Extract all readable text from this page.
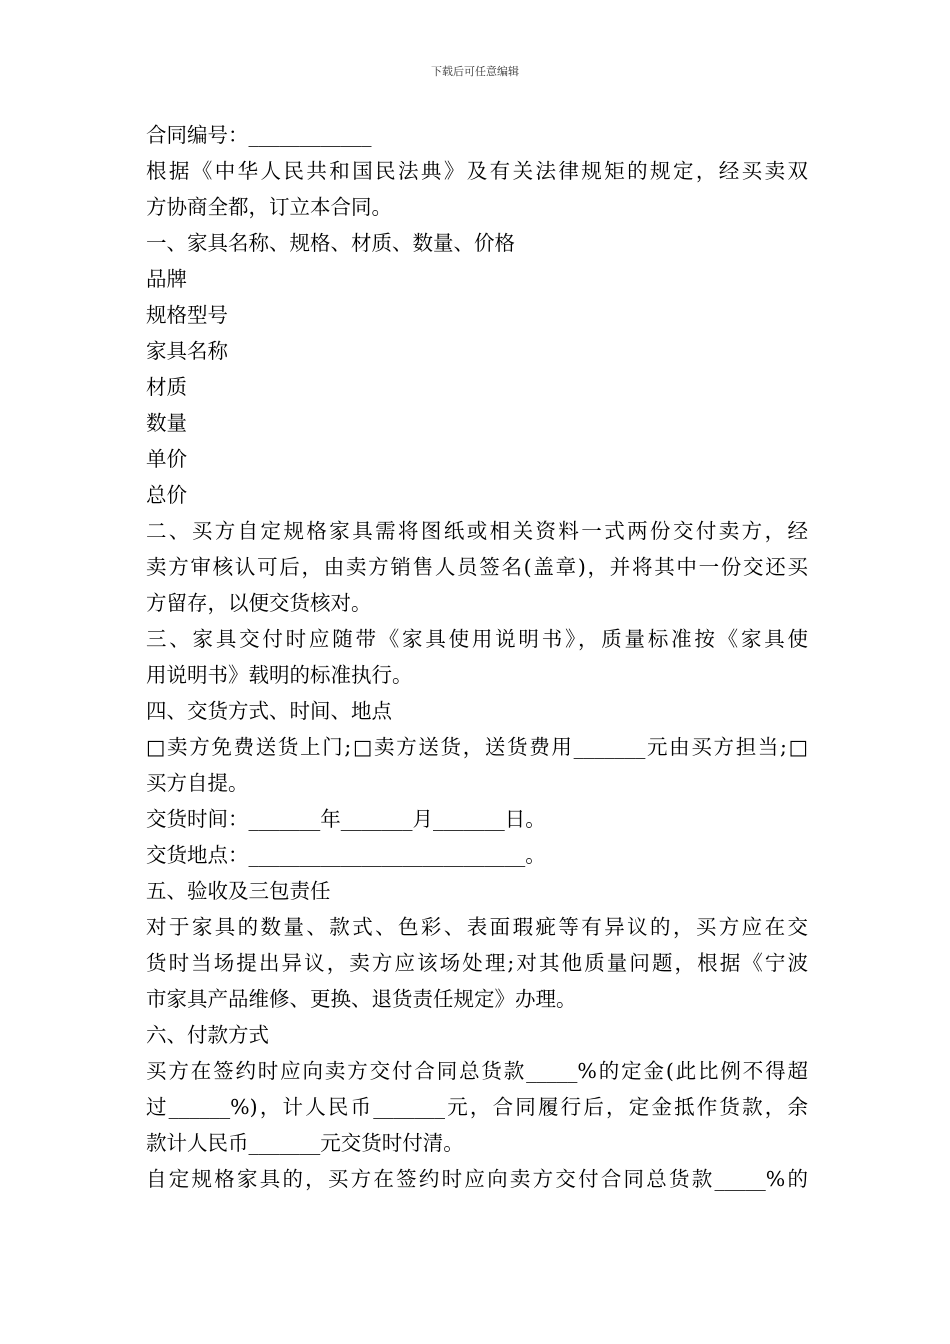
下载后可任意编辑
合同编号：____________
根据《中华人民共和国民法典》及有关法律规矩的规定，经买卖双
方协商全都，订立本合同。
一、家具名称、规格、材质、数量、价格
品牌
规格型号
家具名称
材质
数量
单价
总价
二、买方自定规格家具需将图纸或相关资料一式两份交付卖方，经
卖方审核认可后，由卖方销售人员签名(盖章)，并将其中一份交还买
方留存，以便交货核对。
三、家具交付时应随带《家具使用说明书》，质量标准按《家具使
用说明书》载明的标准执行。
四、交货方式、时间、地点
□卖方免费送货上门;□卖方送货，送货费用_______元由买方担当;□
买方自提。
交货时间：_______年_______月_______日。
交货地点：___________________________。
五、验收及三包责任
对于家具的数量、款式、色彩、表面瑕疵等有异议的，买方应在交
货时当场提出异议，卖方应该场处理;对其他质量问题，根据《宁波
市家具产品维修、更换、退货责任规定》办理。
六、付款方式
买方在签约时应向卖方交付合同总货款_____%的定金(此比例不得超
过______%)，计人民币_______元，合同履行后，定金抵作货款，余
款计人民币_______元交货时付清。
自定规格家具的，买方在签约时应向卖方交付合同总货款_____%的
